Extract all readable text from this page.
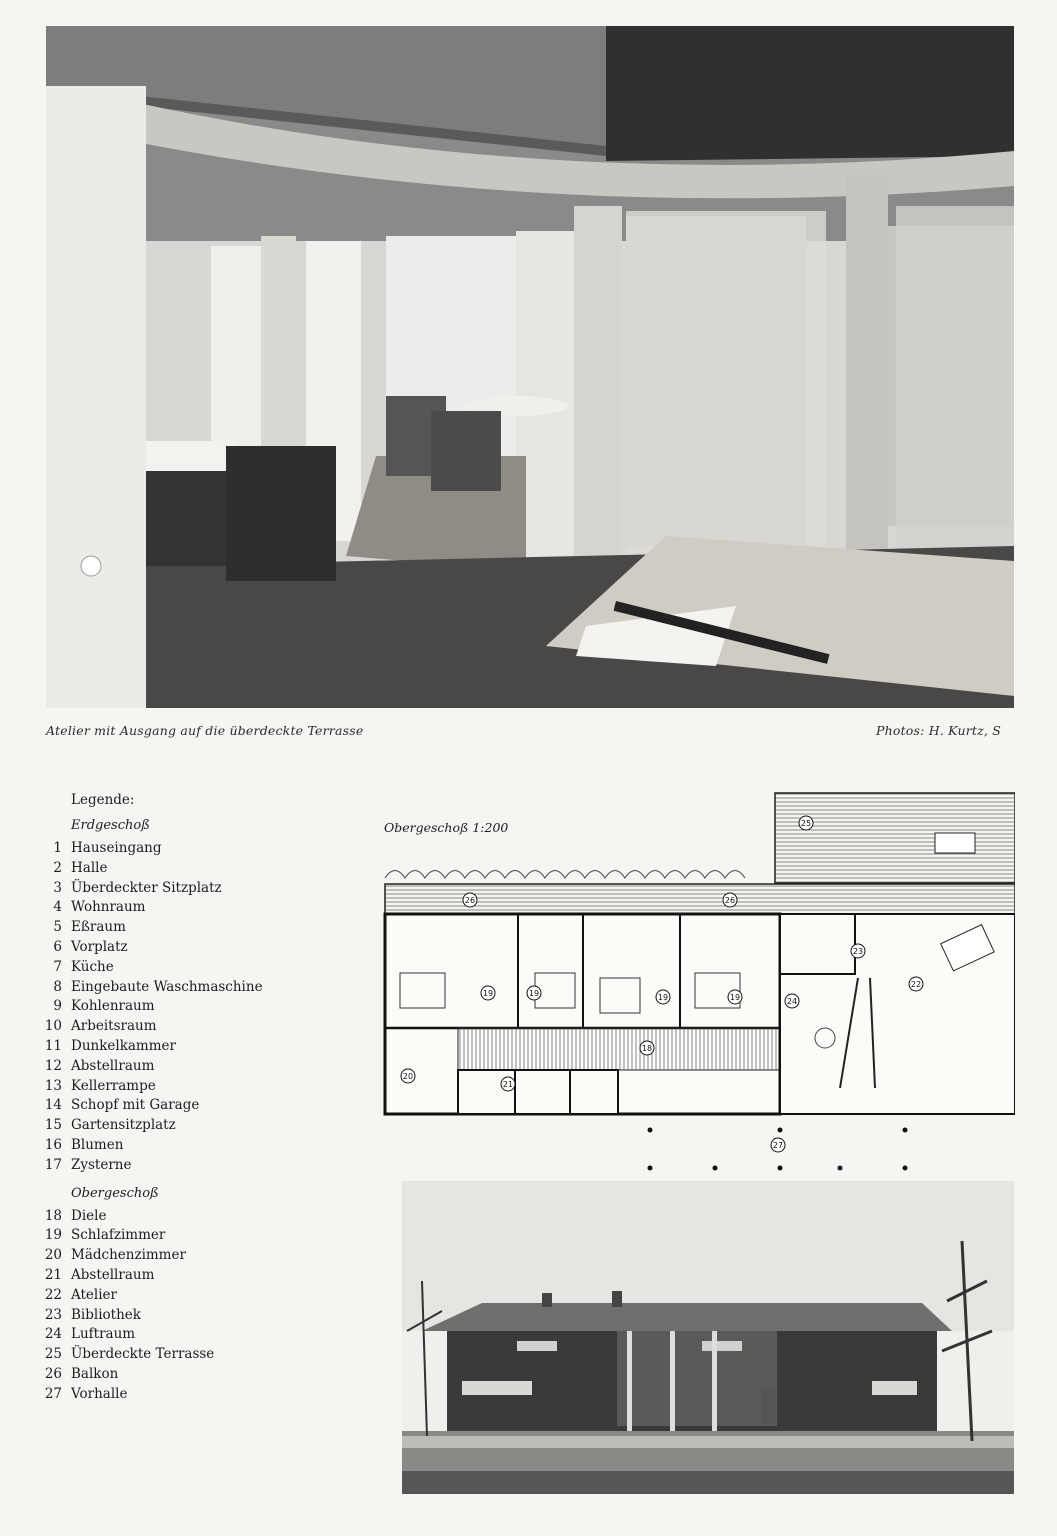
Atelier mit Ausgang auf die überdeckte Terrasse	Photos: H. Kurtz, S
Legende:
Erdgeschoß
1 Hauseingang
2 Halle
3 Überdeckter Sitzplatz
4 Wohnraum
5 Eßraum
6 Vorplatz
7 Küche
8 Eingebaute Waschmaschine
9 Kohlenraum
10 Arbeitsraum
11 Dunkelkammer
12 Abstellraum
13 Kellerrampe
14 Schopf mit Garage
15 Gartensitzplatz
16 Blumen
17 Zysterne
Obergeschoß
18 Diele
19 Schlafzimmer
20 Mädchenzimmer
21 Abstellraum
22 Atelier
23 Bibliothek
24 Luftraum
25 Überdeckte Terrasse
26 Balkon
27 Vorhalle
Obergeschoß 1:200	25
26	26
23
22
24
19	19	19	19
18
20
21
27
